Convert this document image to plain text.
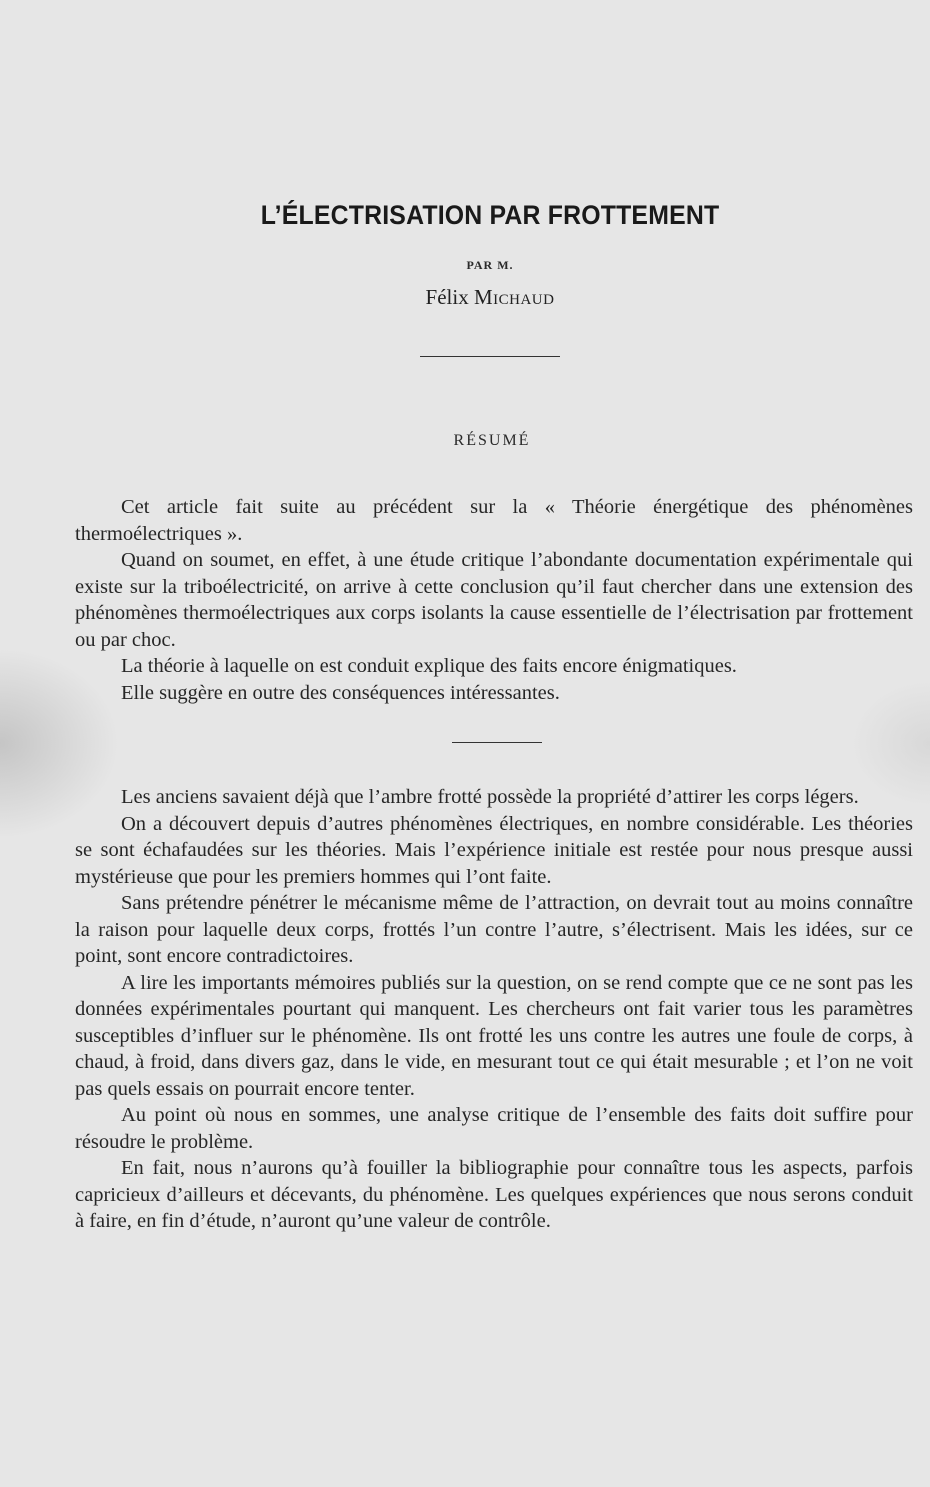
L’ÉLECTRISATION PAR FROTTEMENT
PAR M.
Félix Michaud
RÉSUMÉ

Cet article fait suite au précédent sur la « Théorie énergétique des phénomènes thermoélectriques ».

Quand on soumet, en effet, à une étude critique l’abondante documentation expérimentale qui existe sur la triboélectricité, on arrive à cette conclusion qu’il faut chercher dans une extension des phénomènes thermoélectriques aux corps isolants la cause essentielle de l’électrisation par frottement ou par choc.

La théorie à laquelle on est conduit explique des faits encore énigmatiques.

Elle suggère en outre des conséquences intéressantes.

Les anciens savaient déjà que l’ambre frotté possède la propriété d’attirer les corps légers.

On a découvert depuis d’autres phénomènes électriques, en nombre considérable. Les théories se sont échafaudées sur les théories. Mais l’expérience initiale est restée pour nous presque aussi mystérieuse que pour les premiers hommes qui l’ont faite.

Sans prétendre pénétrer le mécanisme même de l’attraction, on devrait tout au moins connaître la raison pour laquelle deux corps, frottés l’un contre l’autre, s’électrisent. Mais les idées, sur ce point, sont encore contradictoires.

A lire les importants mémoires publiés sur la question, on se rend compte que ce ne sont pas les données expérimentales pourtant qui manquent. Les chercheurs ont fait varier tous les paramètres susceptibles d’influer sur le phénomène. Ils ont frotté les uns contre les autres une foule de corps, à chaud, à froid, dans divers gaz, dans le vide, en mesurant tout ce qui était mesurable ; et l’on ne voit pas quels essais on pourrait encore tenter.

Au point où nous en sommes, une analyse critique de l’ensemble des faits doit suffire pour résoudre le problème.

En fait, nous n’aurons qu’à fouiller la bibliographie pour connaître tous les aspects, parfois capricieux d’ailleurs et décevants, du phénomène. Les quelques expériences que nous serons conduit à faire, en fin d’étude, n’auront qu’une valeur de contrôle.
